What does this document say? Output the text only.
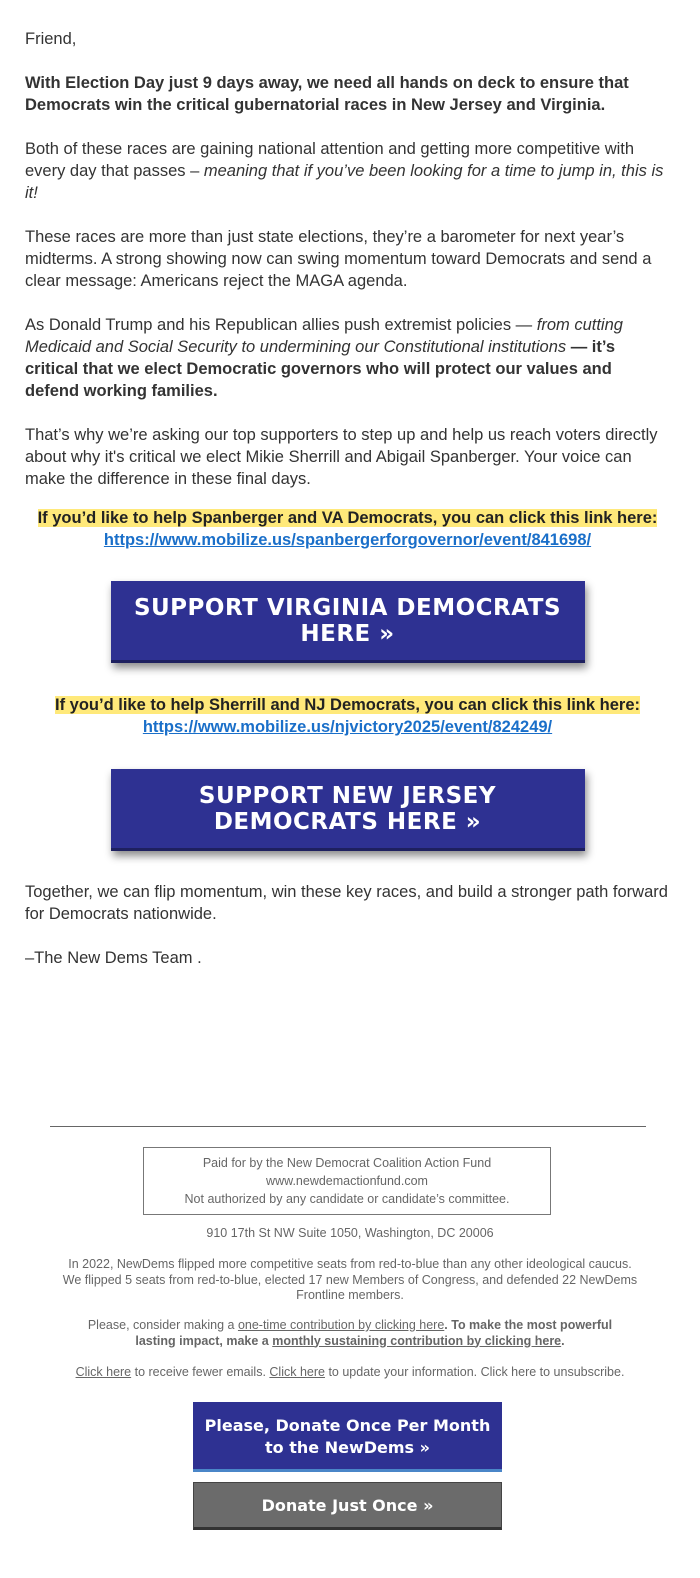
Friend,

With Election Day just 9 days away, we need all hands on deck to ensure that Democrats win the critical gubernatorial races in New Jersey and Virginia.

Both of these races are gaining national attention and getting more competitive with every day that passes – meaning that if you’ve been looking for a time to jump in, this is it!

These races are more than just state elections, they’re a barometer for next year’s midterms. A strong showing now can swing momentum toward Democrats and send a clear message: Americans reject the MAGA agenda.

As Donald Trump and his Republican allies push extremist policies — from cutting Medicaid and Social Security to undermining our Constitutional institutions — it’s critical that we elect Democratic governors who will protect our values and defend working families.

That’s why we’re asking our top supporters to step up and help us reach voters directly about why it's critical we elect Mikie Sherrill and Abigail Spanberger. Your voice can make the difference in these final days.

If you’d like to help Spanberger and VA Democrats, you can click this link here:
https://www.mobilize.us/spanbergerforgovernor/event/841698/

SUPPORT VIRGINIA DEMOCRATS HERE »

If you’d like to help Sherrill and NJ Democrats, you can click this link here: https://www.mobilize.us/njvictory2025/event/824249/

SUPPORT NEW JERSEY DEMOCRATS HERE »

Together, we can flip momentum, win these key races, and build a stronger path forward for Democrats nationwide.

–The New Dems Team .

Paid for by the New Democrat Coalition Action Fund
www.newdemactionfund.com
Not authorized by any candidate or candidate’s committee.
910 17th St NW Suite 1050, Washington, DC 20006
In 2022, NewDems flipped more competitive seats from red-to-blue than any other ideological caucus. We flipped 5 seats from red-to-blue, elected 17 new Members of Congress, and defended 22 NewDems Frontline members.
Please, consider making a one-time contribution by clicking here. To make the most powerful lasting impact, make a monthly sustaining contribution by clicking here.
Click here to receive fewer emails. Click here to update your information. Click here to unsubscribe.
Please, Donate Once Per Month to the NewDems »
Donate Just Once »
